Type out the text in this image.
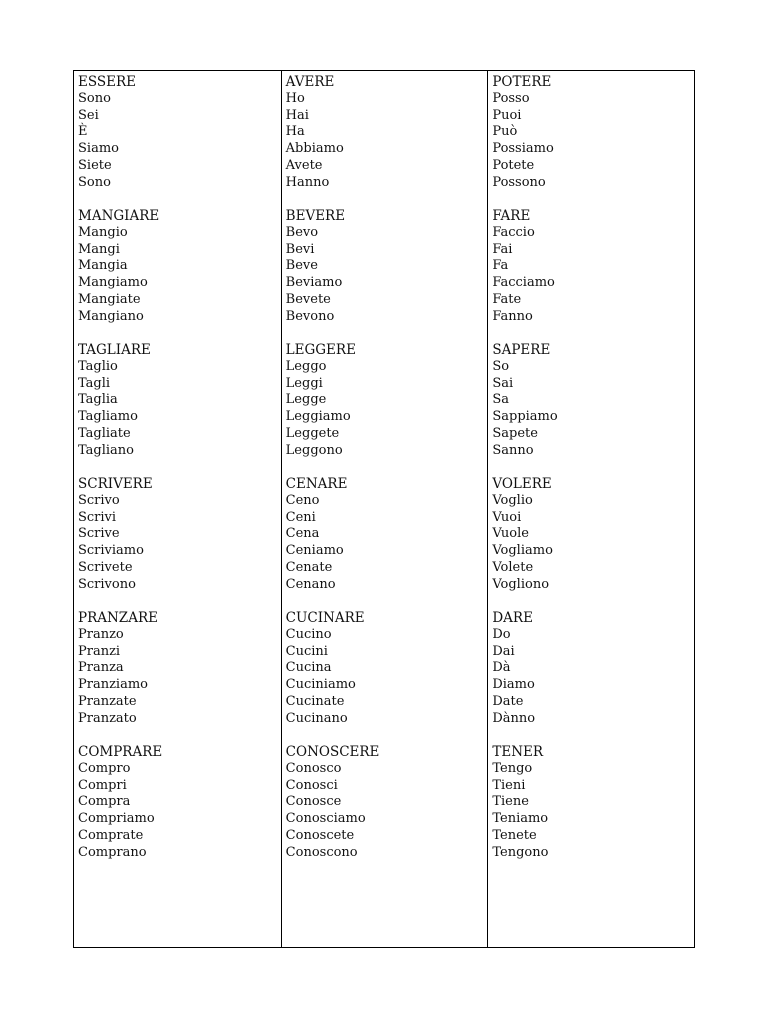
ESSERE
Sono
Sei
È
Siamo
Siete
Sono
MANGIARE
Mangio
Mangi
Mangia
Mangiamo
Mangiate
Mangiano
TAGLIARE
Taglio
Tagli
Taglia
Tagliamo
Tagliate
Tagliano
SCRIVERE
Scrivo
Scrivi
Scrive
Scriviamo
Scrivete
Scrivono
PRANZARE
Pranzo
Pranzi
Pranza
Pranziamo
Pranzate
Pranzato
COMPRARE
Compro
Compri
Compra
Compriamo
Comprate
Comprano
AVERE
Ho
Hai
Ha
Abbiamo
Avete
Hanno
BEVERE
Bevo
Bevi
Beve
Beviamo
Bevete
Bevono
LEGGERE
Leggo
Leggi
Legge
Leggiamo
Leggete
Leggono
CENARE
Ceno
Ceni
Cena
Ceniamo
Cenate
Cenano
CUCINARE
Cucino
Cucini
Cucina
Cuciniamo
Cucinate
Cucinano
CONOSCERE
Conosco
Conosci
Conosce
Conosciamo
Conoscete
Conoscono
POTERE
Posso
Puoi
Può
Possiamo
Potete
Possono
FARE
Faccio
Fai
Fa
Facciamo
Fate
Fanno
SAPERE
So
Sai
Sa
Sappiamo
Sapete
Sanno
VOLERE
Voglio
Vuoi
Vuole
Vogliamo
Volete
Vogliono
DARE
Do
Dai
Dà
Diamo
Date
Dànno
TENER
Tengo
Tieni
Tiene
Teniamo
Tenete
Tengono
